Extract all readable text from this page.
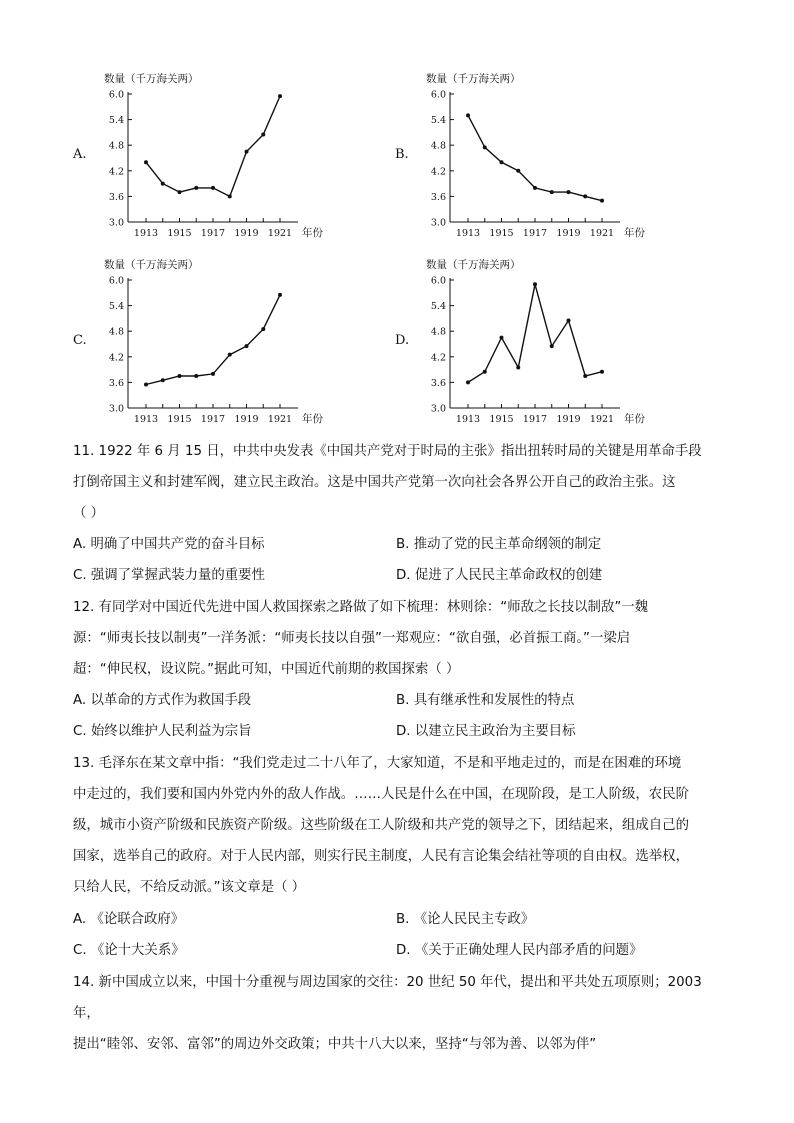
数量（千万海关两）
3.0
3.6
4.2
4.8
5.4
6.0
1913 1915 1917 1919 1921 年份
数量（千万海关两）
3.0
3.6
4.2
4.8
5.4
6.0
1913 1915 1917 1919 1921 年份
数量（千万海关两）
3.0
3.6
4.2
4.8
5.4
6.0
1913 1915 1917 1919 1921 年份
数量（千万海关两）
3.0
3.6
4.2
4.8
5.4
6.0
1913 1915 1917 1919 1921 年份
A.	B.
C.	D.

11. 1922 年 6 月 15 日，中共中央发表《中国共产党对于时局的主张》指出扭转时局的关键是用革命手段

打倒帝国主义和封建军阀，建立民主政治。这是中国共产党第一次向社会各界公开自己的政治主张。这

（ ）

A. 明确了中国共产党的奋斗目标	B. 推动了党的民主革命纲领的制定
C. 强调了掌握武装力量的重要性	D. 促进了人民民主革命政权的创建

12. 有同学对中国近代先进中国人救国探索之路做了如下梳理：林则徐：“师敌之长技以制敌”一魏

源：“师夷长技以制夷”一洋务派：“师夷长技以自强”一郑观应：“欲自强，必首振工商。”一梁启

超：“伸民权，设议院。”据此可知，中国近代前期的救国探索（ ）

A. 以革命的方式作为救国手段	B. 具有继承性和发展性的特点
C. 始终以维护人民利益为宗旨	D. 以建立民主政治为主要目标

13. 毛泽东在某文章中指：“我们党走过二十八年了，大家知道，不是和平地走过的，而是在困难的环境

中走过的，我们要和国内外党内外的敌人作战。……人民是什么在中国，在现阶段，是工人阶级，农民阶

级，城市小资产阶级和民族资产阶级。这些阶级在工人阶级和共产党的领导之下，团结起来，组成自己的

国家，选举自己的政府。对于人民内部，则实行民主制度，人民有言论集会结社等项的自由权。选举权，

只给人民，不给反动派。”该文章是（ ）

A. 《论联合政府》	B. 《论人民民主专政》
C. 《论十大关系》	D. 《关于正确处理人民内部矛盾的问题》

14. 新中国成立以来，中国十分重视与周边国家的交往：20 世纪 50 年代，提出和平共处五项原则；2003 年，

提出“睦邻、安邻、富邻”的周边外交政策；中共十八大以来，坚持“与邻为善、以邻为伴”
